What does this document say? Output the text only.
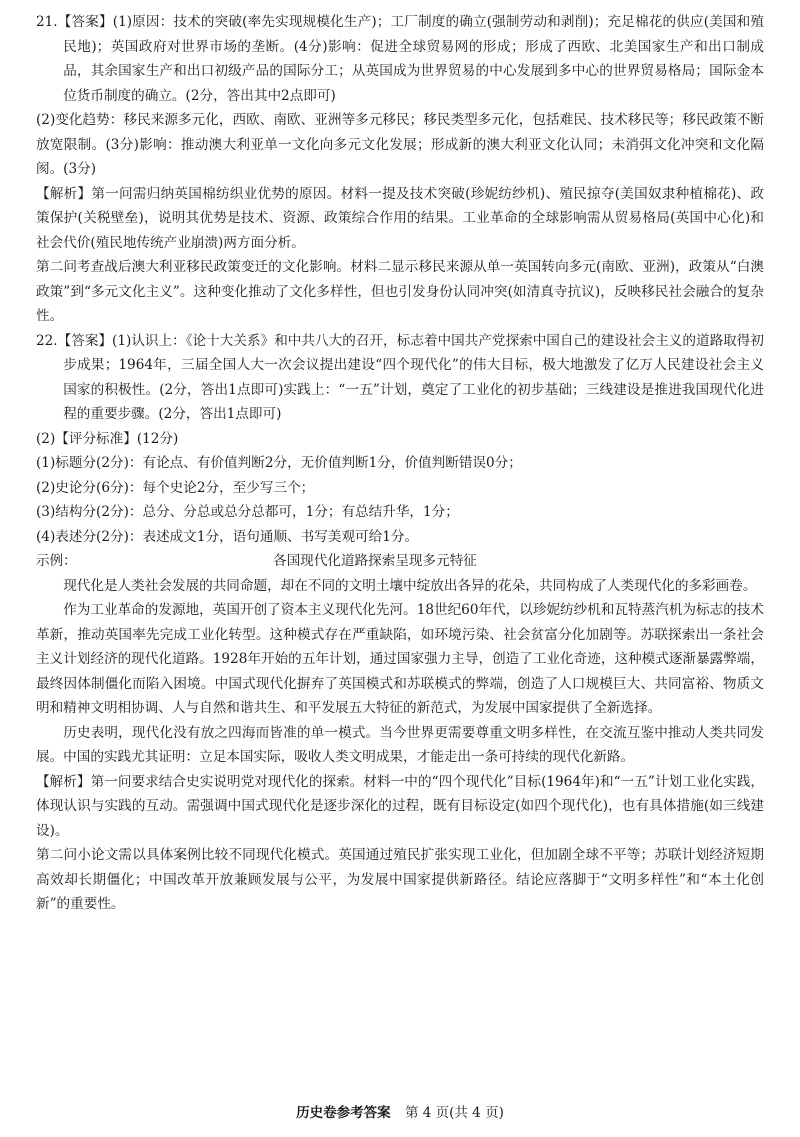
21.【答案】(1)原因：技术的突破(率先实现规模化生产)；工厂制度的确立(强制劳动和剥削)；充足棉花的供应(美国和殖民地)；英国政府对世界市场的垄断。(4分)影响：促进全球贸易网的形成；形成了西欧、北美国家生产和出口制成品，其余国家生产和出口初级产品的国际分工；从英国成为世界贸易的中心发展到多中心的世界贸易格局；国际金本位货币制度的确立。(2分，答出其中2点即可)

(2)变化趋势：移民来源多元化，西欧、南欧、亚洲等多元移民；移民类型多元化，包括难民、技术移民等；移民政策不断放宽限制。(3分)影响：推动澳大利亚单一文化向多元文化发展；形成新的澳大利亚文化认同；未消弭文化冲突和文化隔阂。(3分)

【解析】第一问需归纳英国棉纺织业优势的原因。材料一提及技术突破(珍妮纺纱机)、殖民掠夺(美国奴隶种植棉花)、政策保护(关税壁垒)，说明其优势是技术、资源、政策综合作用的结果。工业革命的全球影响需从贸易格局(英国中心化)和社会代价(殖民地传统产业崩溃)两方面分析。

第二问考查战后澳大利亚移民政策变迁的文化影响。材料二显示移民来源从单一英国转向多元(南欧、亚洲)，政策从“白澳政策”到“多元文化主义”。这种变化推动了文化多样性，但也引发身份认同冲突(如清真寺抗议)，反映移民社会融合的复杂性。

22.【答案】(1)认识上：《论十大关系》和中共八大的召开，标志着中国共产党探索中国自己的建设社会主义的道路取得初步成果；1964年，三届全国人大一次会议提出建设“四个现代化”的伟大目标，极大地激发了亿万人民建设社会主义国家的积极性。(2分，答出1点即可)实践上：“一五”计划，奠定了工业化的初步基础；三线建设是推进我国现代化进程的重要步骤。(2分，答出1点即可)

(2)【评分标准】(12分)

(1)标题分(2分)：有论点、有价值判断2分，无价值判断1分，价值判断错误0分；

(2)史论分(6分)：每个史论2分，至少写三个；

(3)结构分(2分)：总分、分总或总分总都可，1分；有总结升华，1分；

(4)表述分(2分)：表述成文1分，语句通顺、书写美观可给1分。

示例：	各国现代化道路探索呈现多元特征

现代化是人类社会发展的共同命题，却在不同的文明土壤中绽放出各异的花朵，共同构成了人类现代化的多彩画卷。

作为工业革命的发源地，英国开创了资本主义现代化先河。18世纪60年代，以珍妮纺纱机和瓦特蒸汽机为标志的技术革新，推动英国率先完成工业化转型。这种模式存在严重缺陷，如环境污染、社会贫富分化加剧等。苏联探索出一条社会主义计划经济的现代化道路。1928年开始的五年计划，通过国家强力主导，创造了工业化奇迹，这种模式逐渐暴露弊端，最终因体制僵化而陷入困境。中国式现代化摒弃了英国模式和苏联模式的弊端，创造了人口规模巨大、共同富裕、物质文明和精神文明相协调、人与自然和谐共生、和平发展五大特征的新范式，为发展中国家提供了全新选择。

历史表明，现代化没有放之四海而皆准的单一模式。当今世界更需要尊重文明多样性，在交流互鉴中推动人类共同发展。中国的实践尤其证明：立足本国实际，吸收人类文明成果，才能走出一条可持续的现代化新路。

【解析】第一问要求结合史实说明党对现代化的探索。材料一中的“四个现代化”目标(1964年)和“一五”计划工业化实践，体现认识与实践的互动。需强调中国式现代化是逐步深化的过程，既有目标设定(如四个现代化)，也有具体措施(如三线建设)。

第二问小论文需以具体案例比较不同现代化模式。英国通过殖民扩张实现工业化，但加剧全球不平等；苏联计划经济短期高效却长期僵化；中国改革开放兼顾发展与公平，为发展中国家提供新路径。结论应落脚于“文明多样性”和“本土化创新”的重要性。

历史卷参考答案 第 4 页(共 4 页)
